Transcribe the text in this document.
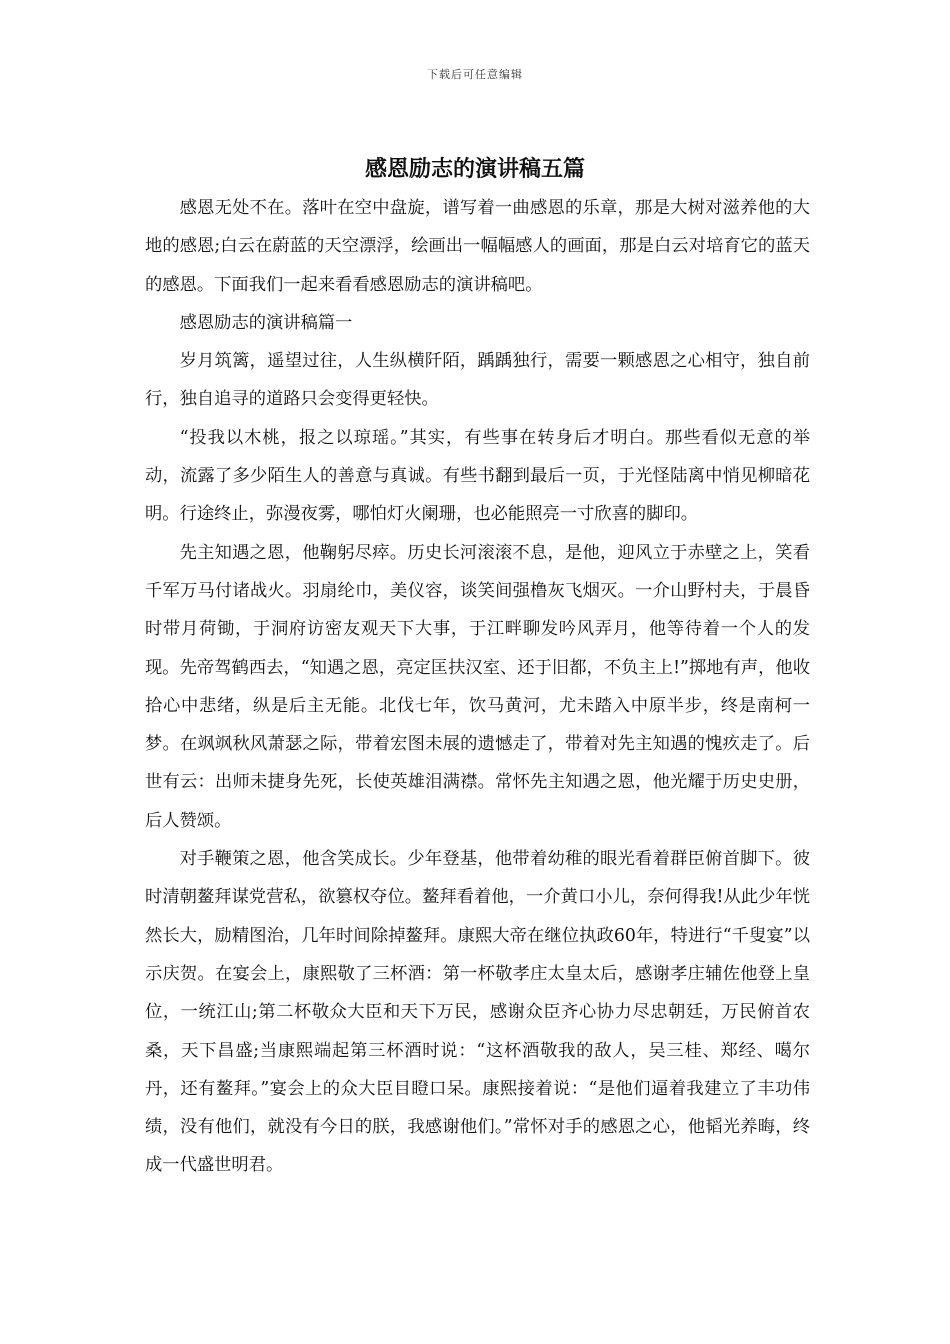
下载后可任意编辑
感恩励志的演讲稿五篇

感恩无处不在。落叶在空中盘旋，谱写着一曲感恩的乐章，那是大树对滋养他的大地的感恩;白云在蔚蓝的天空漂浮，绘画出一幅幅感人的画面，那是白云对培育它的蓝天的感恩。下面我们一起来看看感恩励志的演讲稿吧。

感恩励志的演讲稿篇一

岁月筑篱，遥望过往，人生纵横阡陌，踽踽独行，需要一颗感恩之心相守，独自前行，独自追寻的道路只会变得更轻快。

“投我以木桃，报之以琼瑶。”其实，有些事在转身后才明白。那些看似无意的举动，流露了多少陌生人的善意与真诚。有些书翻到最后一页，于光怪陆离中悄见柳暗花明。行途终止，弥漫夜雾，哪怕灯火阑珊，也必能照亮一寸欣喜的脚印。

先主知遇之恩，他鞠躬尽瘁。历史长河滚滚不息，是他，迎风立于赤壁之上，笑看千军万马付诸战火。羽扇纶巾，美仪容，谈笑间强橹灰飞烟灭。一介山野村夫，于晨昏时带月荷锄，于洞府访密友观天下大事，于江畔聊发吟风弄月，他等待着一个人的发现。先帝驾鹤西去，“知遇之恩，亮定匡扶汉室、还于旧都，不负主上!”掷地有声，他收拾心中悲绪，纵是后主无能。北伐七年，饮马黄河，尤未踏入中原半步，终是南柯一梦。在飒飒秋风萧瑟之际，带着宏图未展的遗憾走了，带着对先主知遇的愧疚走了。后世有云：出师未捷身先死，长使英雄泪满襟。常怀先主知遇之恩，他光耀于历史史册，后人赞颂。

对手鞭策之恩，他含笑成长。少年登基，他带着幼稚的眼光看着群臣俯首脚下。彼时清朝鳌拜谋党营私，欲篡权夺位。鳌拜看着他，一介黄口小儿，奈何得我!从此少年恍然长大，励精图治，几年时间除掉鳌拜。康熙大帝在继位执政60年，特进行“千叟宴”以示庆贺。在宴会上，康熙敬了三杯酒：第一杯敬孝庄太皇太后，感谢孝庄辅佐他登上皇位，一统江山;第二杯敬众大臣和天下万民，感谢众臣齐心协力尽忠朝廷，万民俯首农桑，天下昌盛;当康熙端起第三杯酒时说：“这杯酒敬我的敌人，吴三桂、郑经、噶尔丹，还有鳌拜。”宴会上的众大臣目瞪口呆。康熙接着说：“是他们逼着我建立了丰功伟绩，没有他们，就没有今日的朕，我感谢他们。”常怀对手的感恩之心，他韬光养晦，终成一代盛世明君。
